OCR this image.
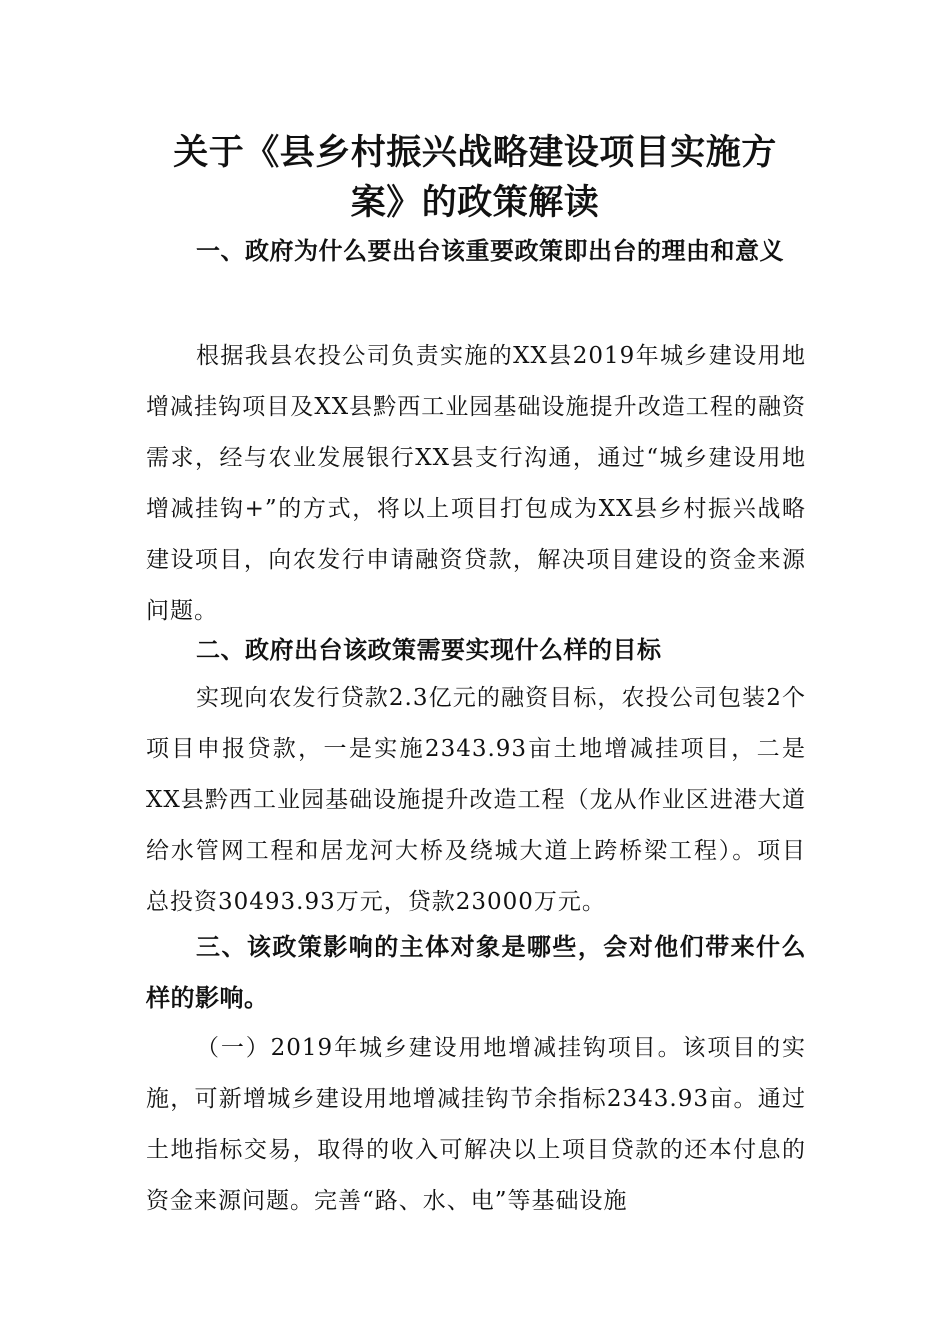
关于《县乡村振兴战略建设项目实施方
案》的政策解读

一、政府为什么要出台该重要政策即出台的理由和意义

根据我县农投公司负责实施的XX县2019年城乡建设用地增减挂钩项目及XX县黔西工业园基础设施提升改造工程的融资需求，经与农业发展银行XX县支行沟通，通过“城乡建设用地增减挂钩+”的方式，将以上项目打包成为XX县乡村振兴战略建设项目，向农发行申请融资贷款，解决项目建设的资金来源问题。

二、政府出台该政策需要实现什么样的目标

实现向农发行贷款2.3亿元的融资目标，农投公司包装2个项目申报贷款，一是实施2343.93亩土地增减挂项目，二是XX县黔西工业园基础设施提升改造工程（龙从作业区进港大道给水管网工程和居龙河大桥及绕城大道上跨桥梁工程）。项目总投资30493.93万元，贷款23000万元。

三、该政策影响的主体对象是哪些，会对他们带来什么样的影响。

（一）2019年城乡建设用地增减挂钩项目。该项目的实施，可新增城乡建设用地增减挂钩节余指标2343.93亩。通过土地指标交易，取得的收入可解决以上项目贷款的还本付息的资金来源问题。完善“路、水、电”等基础设施
